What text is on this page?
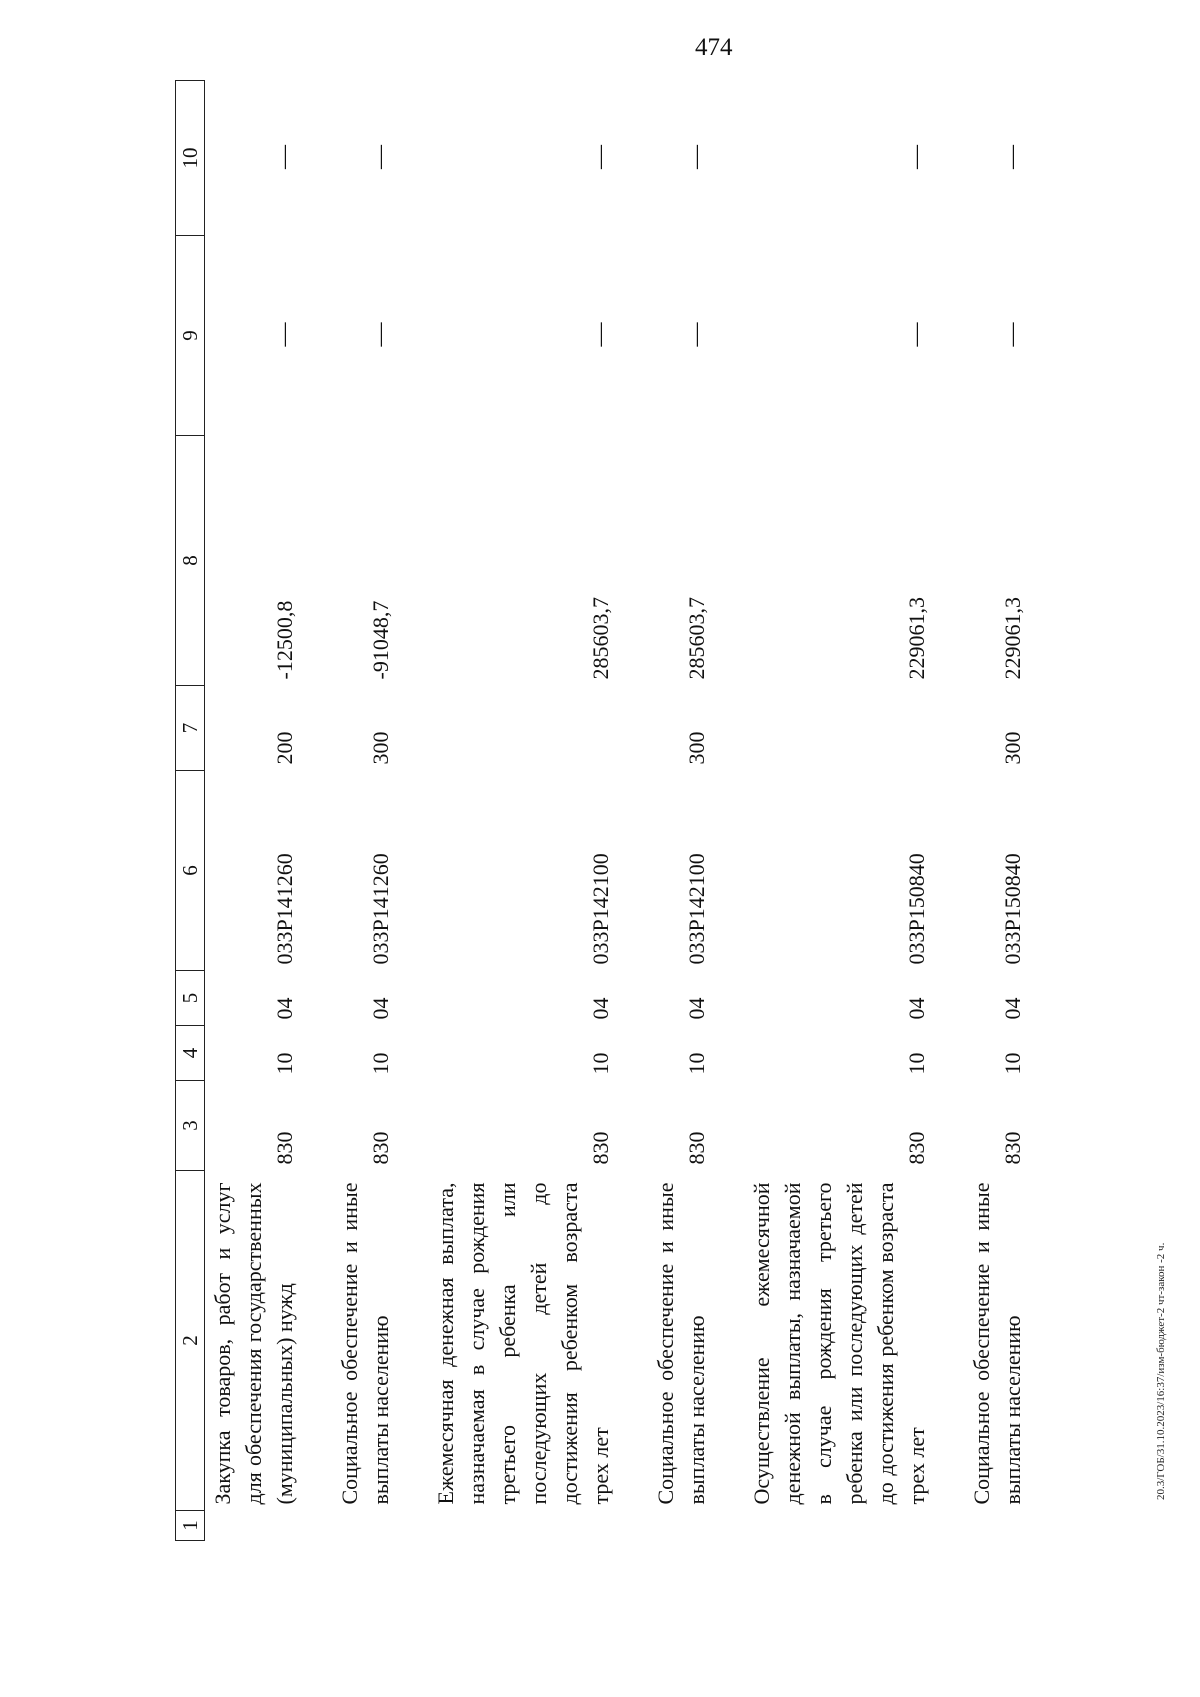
474
20.3/ГОБ/31.10.2023/16:37/изм-бюджет-2 чт-закон -2 ч.
1	2	3	4	5	6	7	8	9	10
	Закупка товаров, работ и услуг для обеспечения государственных (муниципальных) нужд	830	10	04	033P141260	200	-12500,8	—	—

	Социальное обеспечение и иные выплаты населению	830	10	04	033P141260	300	-91048,7	—	—

	Ежемесячная денежная выплата, назначаемая в случае рождения третьего ребенка или последующих детей до достижения ребенком возраста трех лет	830	10	04	033P142100		285603,7	—	—

	Социальное обеспечение и иные выплаты населению	830	10	04	033P142100	300	285603,7	—	—

	Осуществление ежемесячной денежной выплаты, назначаемой в случае рождения третьего ребенка или последующих детей до достижения ребенком возраста трех лет	830	10	04	033P150840		229061,3	—	—

	Социальное обеспечение и иные выплаты населению	830	10	04	033P150840	300	229061,3	—	—
